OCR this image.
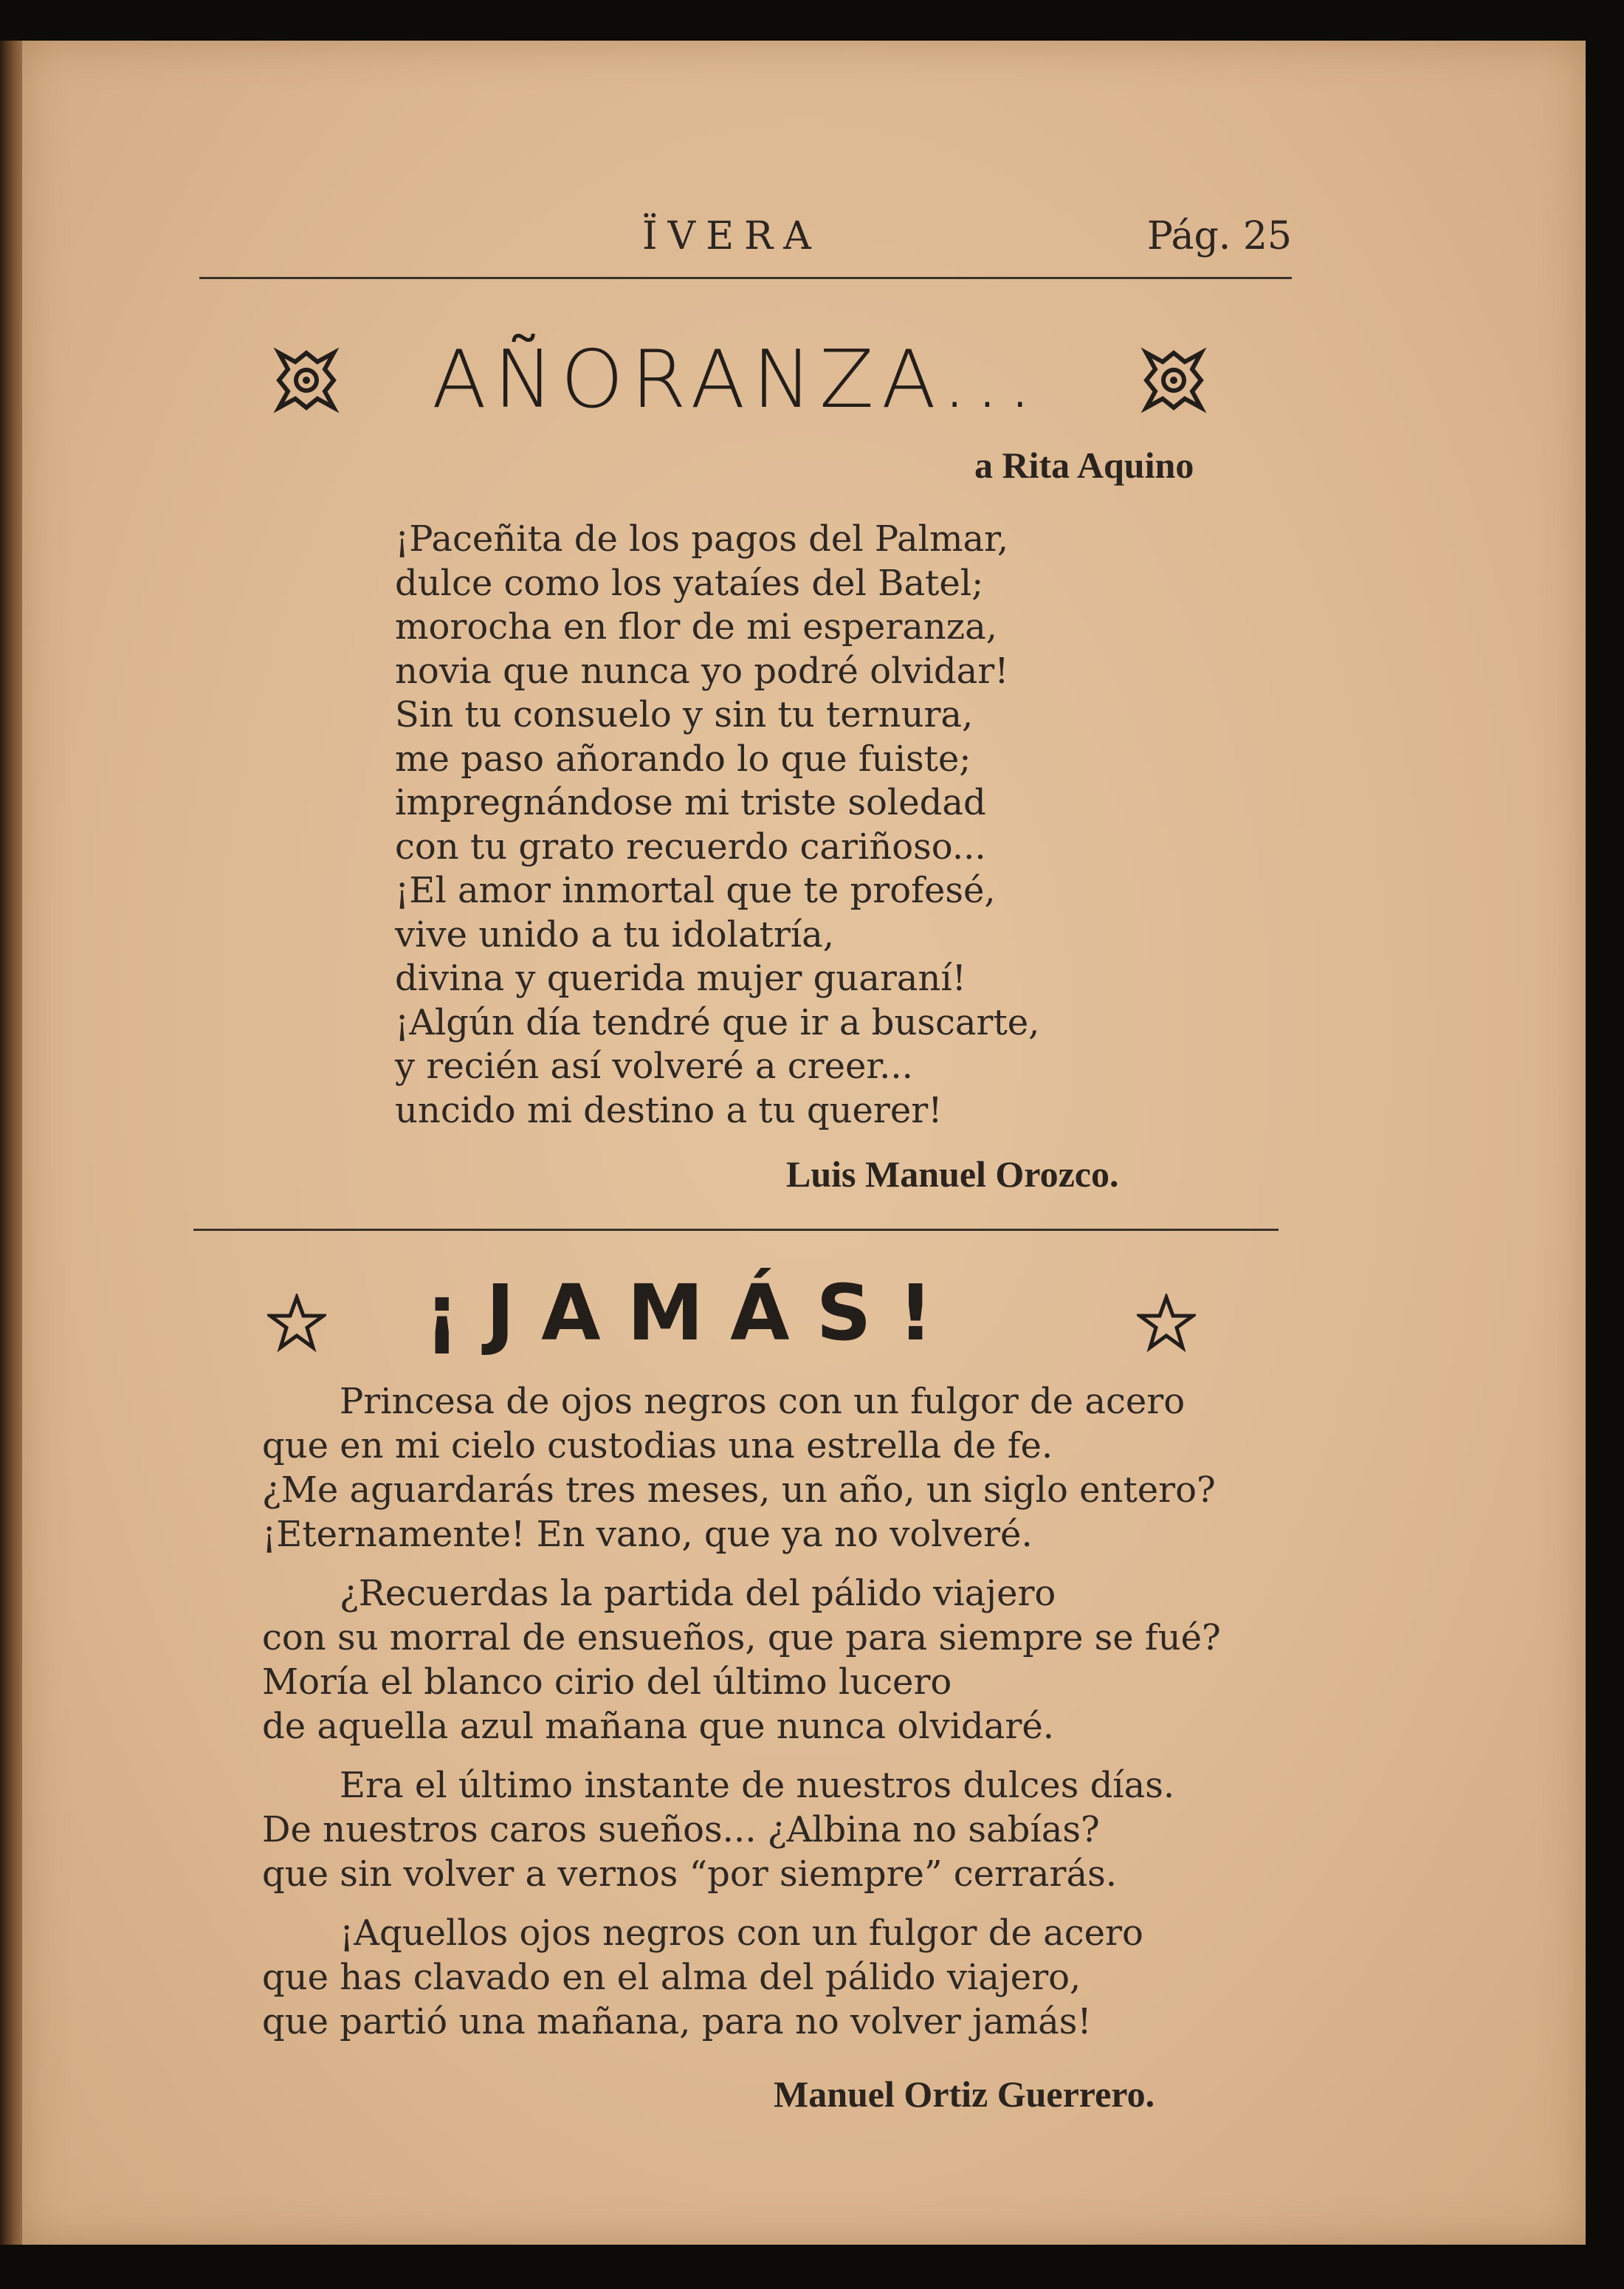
ÏVERA	Pág. 25
AÑORANZA...
a Rita Aquino
¡Paceñita de los pagos del Palmar,
dulce como los yataíes del Batel;
morocha en flor de mi esperanza,
novia que nunca yo podré olvidar!
Sin tu consuelo y sin tu ternura,
me paso añorando lo que fuiste;
impregnándose mi triste soledad
con tu grato recuerdo cariñoso...
¡El amor inmortal que te profesé,
vive unido a tu idolatría,
divina y querida mujer guaraní!
¡Algún día tendré que ir a buscarte,
y recién así volveré a creer...
uncido mi destino a tu querer!
Luis Manuel Orozco.
¡JAMÁS!
Princesa de ojos negros con un fulgor de acero
que en mi cielo custodias una estrella de fe.
¿Me aguardarás tres meses, un año, un siglo entero?
¡Eternamente! En vano, que ya no volveré.
¿Recuerdas la partida del pálido viajero
con su morral de ensueños, que para siempre se fué?
Moría el blanco cirio del último lucero
de aquella azul mañana que nunca olvidaré.
Era el último instante de nuestros dulces días.
De nuestros caros sueños... ¿Albina no sabías?
que sin volver a vernos “por siempre” cerrarás.
¡Aquellos ojos negros con un fulgor de acero
que has clavado en el alma del pálido viajero,
que partió una mañana, para no volver jamás!
Manuel Ortiz Guerrero.
